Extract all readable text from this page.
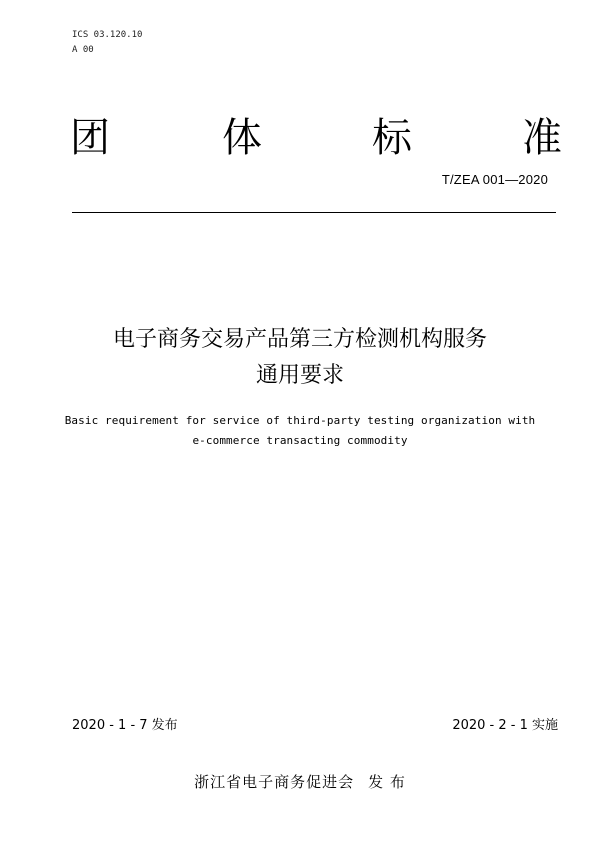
ICS 03.120.10
A 00
团	体	标	准
T/ZEA 001—2020
电子商务交易产品第三方检测机构服务
通用要求
Basic requirement for service of third-party testing organization with
e-commerce transacting commodity
2020 - 1 - 7 发布	2020 - 2 - 1 实施
浙江省电子商务促进会 发 布
